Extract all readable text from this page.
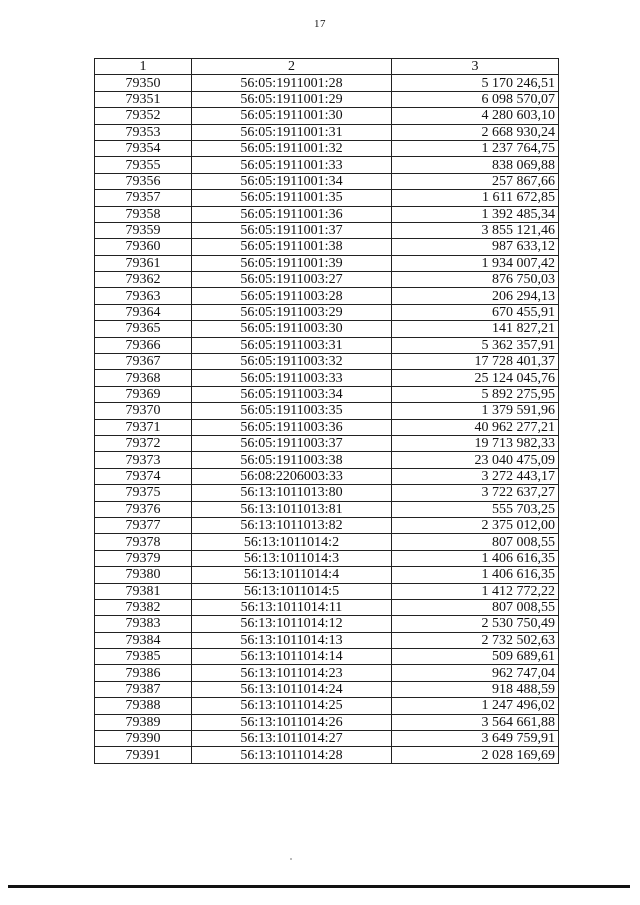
17
1	2	3
79350	56:05:1911001:28	5 170 246,51
79351	56:05:1911001:29	6 098 570,07
79352	56:05:1911001:30	4 280 603,10
79353	56:05:1911001:31	2 668 930,24
79354	56:05:1911001:32	1 237 764,75
79355	56:05:1911001:33	838 069,88
79356	56:05:1911001:34	257 867,66
79357	56:05:1911001:35	1 611 672,85
79358	56:05:1911001:36	1 392 485,34
79359	56:05:1911001:37	3 855 121,46
79360	56:05:1911001:38	987 633,12
79361	56:05:1911001:39	1 934 007,42
79362	56:05:1911003:27	876 750,03
79363	56:05:1911003:28	206 294,13
79364	56:05:1911003:29	670 455,91
79365	56:05:1911003:30	141 827,21
79366	56:05:1911003:31	5 362 357,91
79367	56:05:1911003:32	17 728 401,37
79368	56:05:1911003:33	25 124 045,76
79369	56:05:1911003:34	5 892 275,95
79370	56:05:1911003:35	1 379 591,96
79371	56:05:1911003:36	40 962 277,21
79372	56:05:1911003:37	19 713 982,33
79373	56:05:1911003:38	23 040 475,09
79374	56:08:2206003:33	3 272 443,17
79375	56:13:1011013:80	3 722 637,27
79376	56:13:1011013:81	555 703,25
79377	56:13:1011013:82	2 375 012,00
79378	56:13:1011014:2	807 008,55
79379	56:13:1011014:3	1 406 616,35
79380	56:13:1011014:4	1 406 616,35
79381	56:13:1011014:5	1 412 772,22
79382	56:13:1011014:11	807 008,55
79383	56:13:1011014:12	2 530 750,49
79384	56:13:1011014:13	2 732 502,63
79385	56:13:1011014:14	509 689,61
79386	56:13:1011014:23	962 747,04
79387	56:13:1011014:24	918 488,59
79388	56:13:1011014:25	1 247 496,02
79389	56:13:1011014:26	3 564 661,88
79390	56:13:1011014:27	3 649 759,91
79391	56:13:1011014:28	2 028 169,69
